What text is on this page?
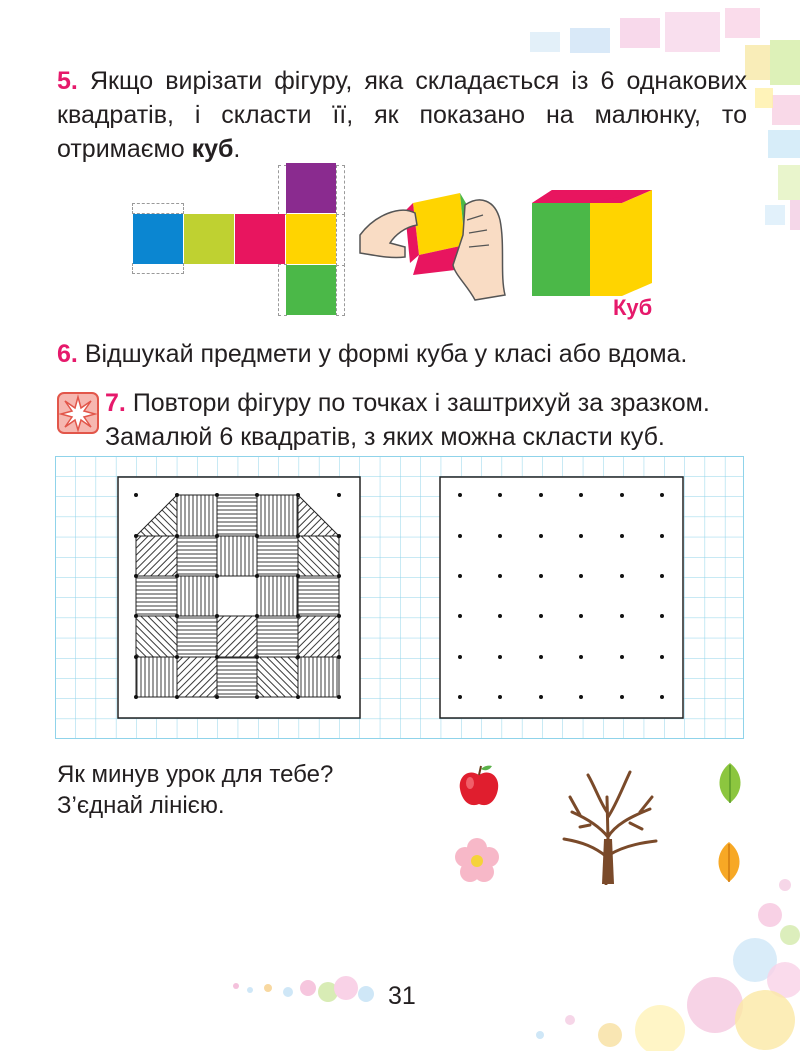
5. Якщо вирізати фігуру, яка складається із 6 однакових квадратів, і скласти її, як показано на малюнку, то отримаємо куб.

Куб

6. Відшукай предмети у формі куба у класі або вдома.

7. Повтори фігуру по точках і заштрихуй за зразком. Замалюй 6 квадратів, з яких можна скласти куб.

Як минув урок для тебе?
З’єднай лінією.
31
